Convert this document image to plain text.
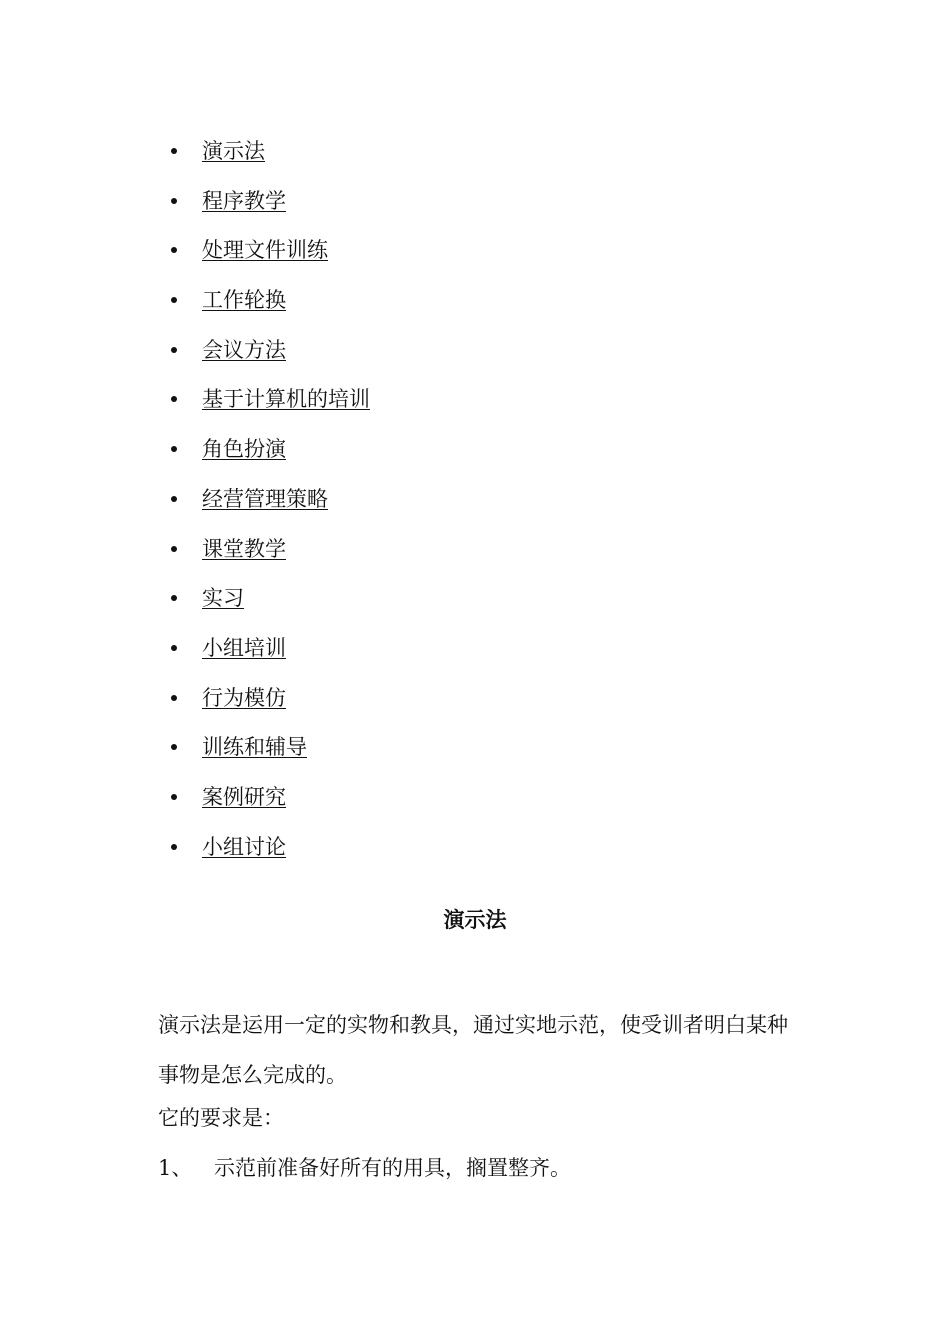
演示法
程序教学
处理文件训练
工作轮换
会议方法
基于计算机的培训
角色扮演
经营管理策略
课堂教学
实习
小组培训
行为模仿
训练和辅导
案例研究
小组讨论
演示法

演示法是运用一定的实物和教具，通过实地示范，使受训者明白某种事物是怎么完成的。

它的要求是：

1、	示范前准备好所有的用具，搁置整齐。
